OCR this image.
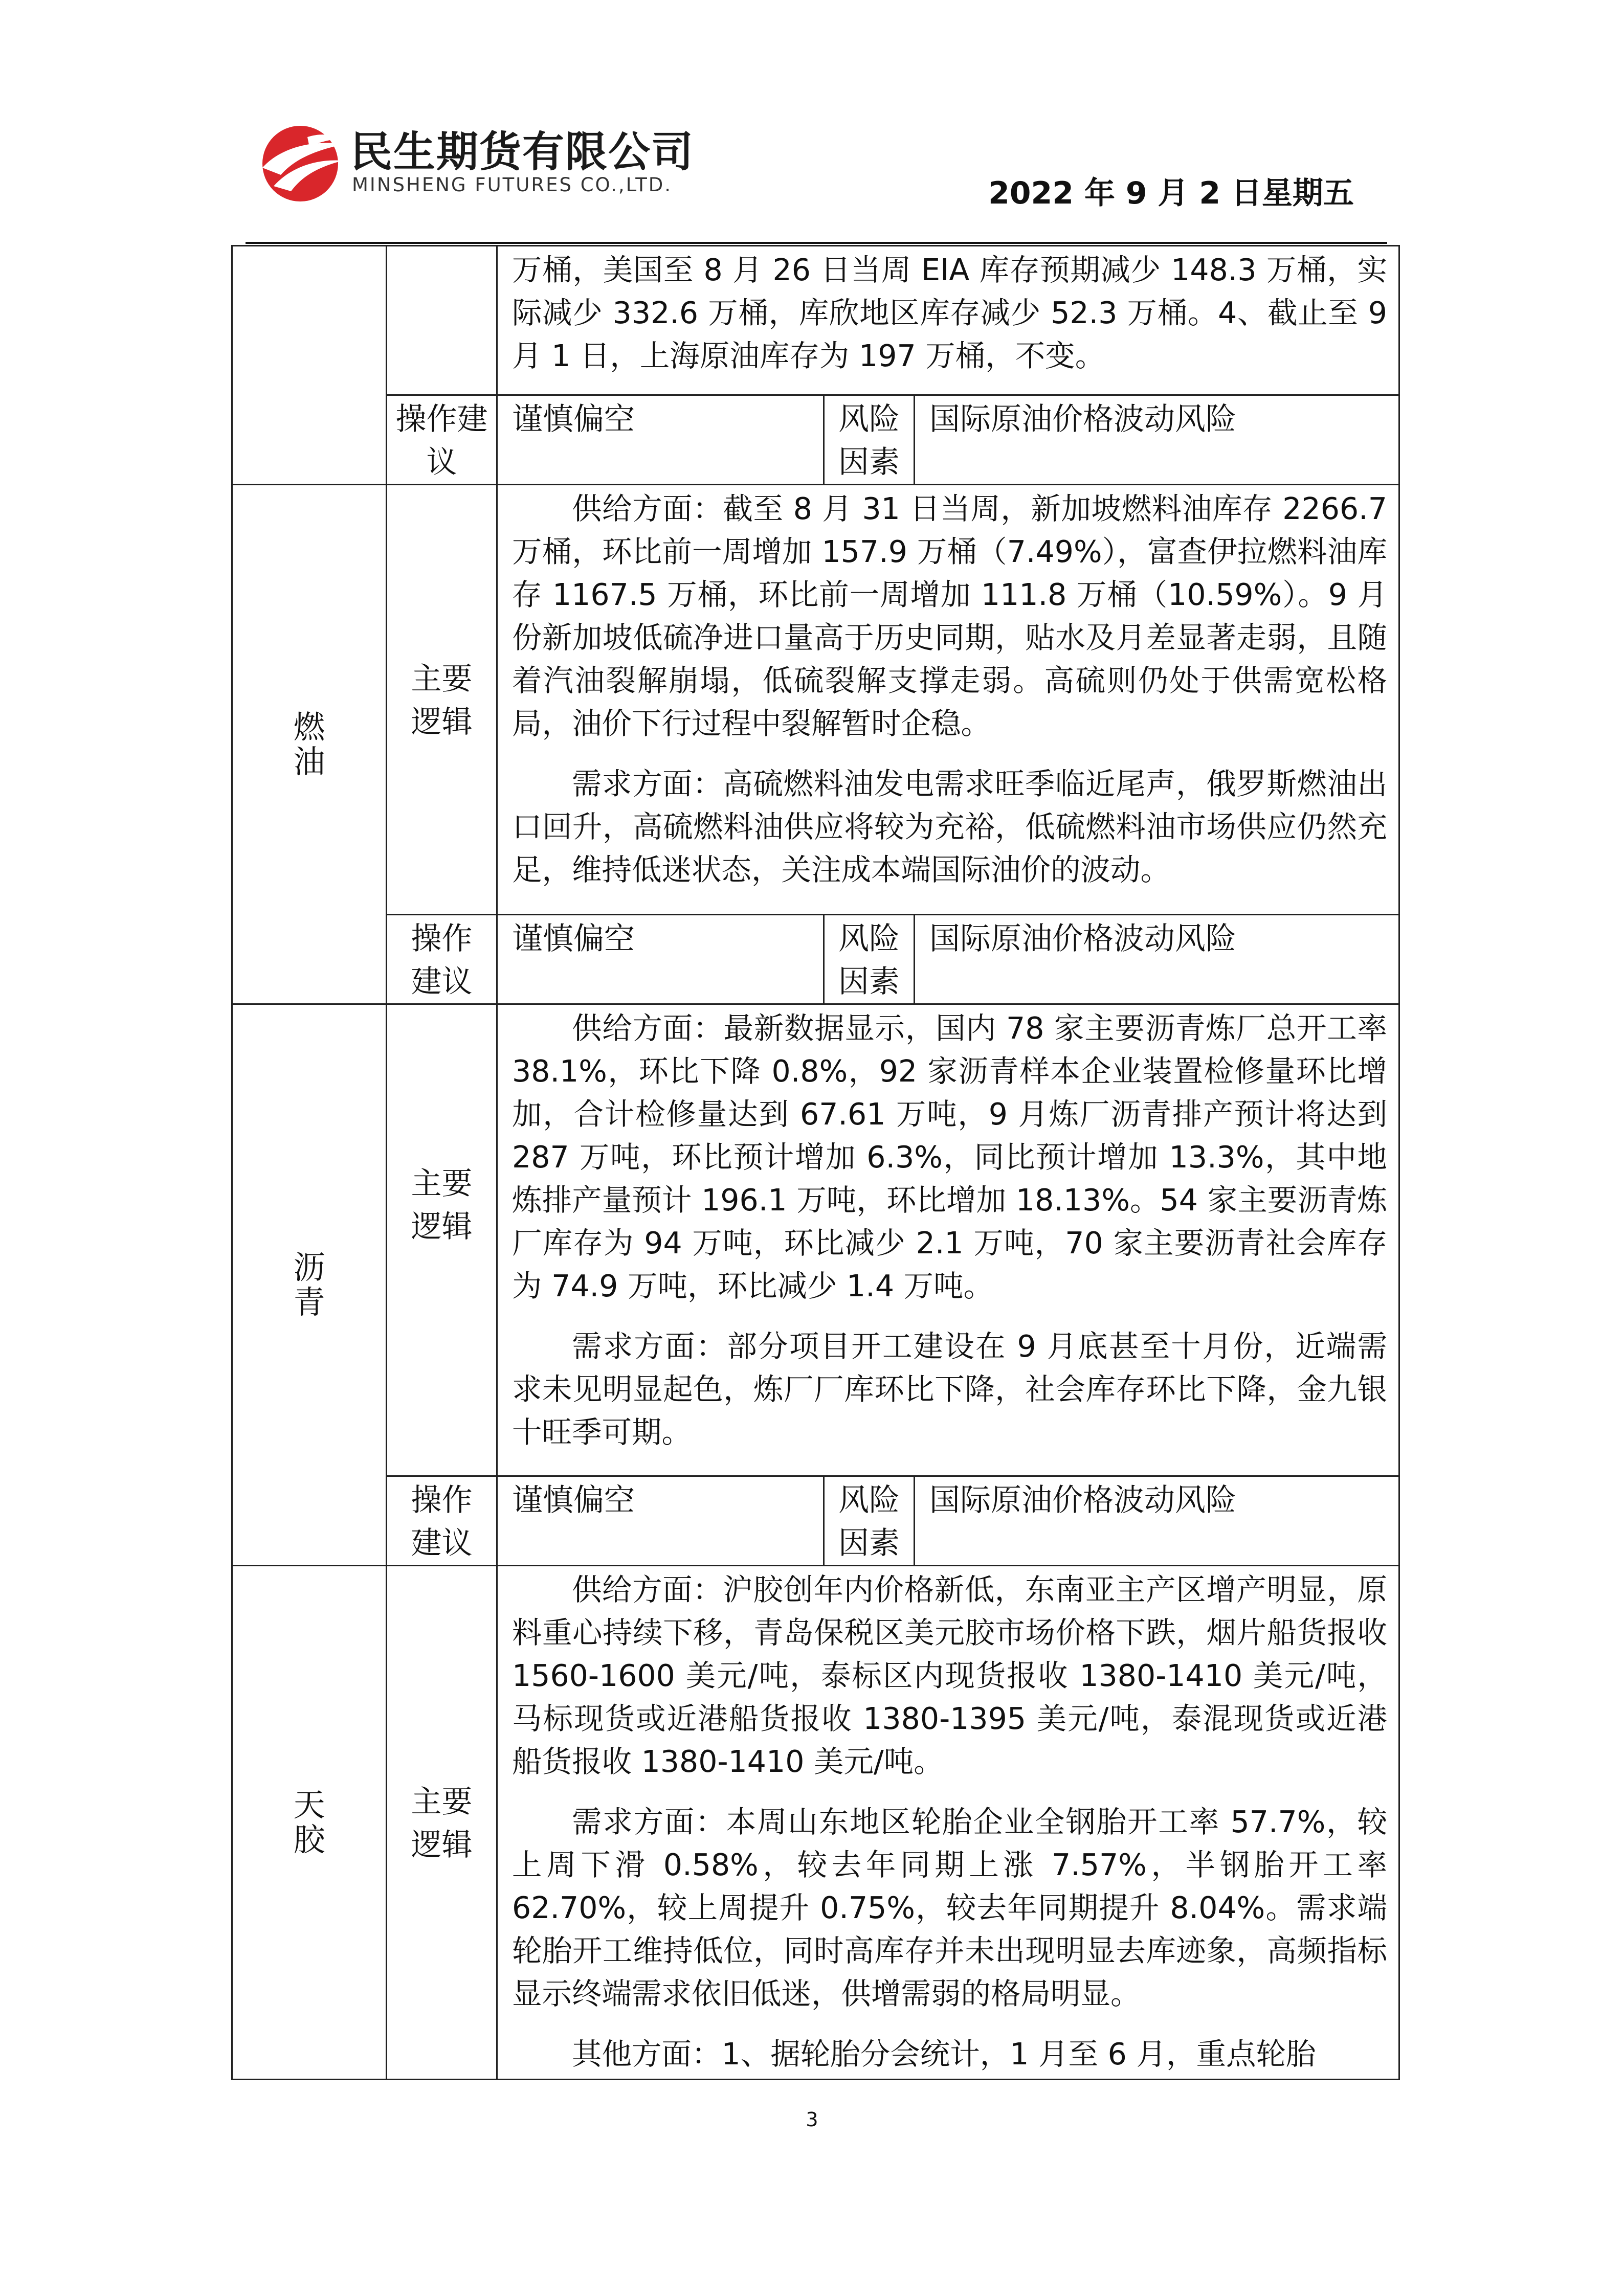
民生期货有限公司
MINSHENG FUTURES CO.,LTD.	2022 年 9 月 2 日星期五

		万桶，美国至 8 月 26 日当周 EIA 库存预期减少 148.3 万桶，实际减少 332.6 万桶，库欣地区库存减少 52.3 万桶。4、截止至 9 月 1 日，上海原油库存为 197 万桶，不变。		

	操作建议	谨慎偏空	风险因素	国际原油价格波动风险

燃油	主要逻辑	供给方面：截至 8 月 31 日当周，新加坡燃料油库存 2266.7 万桶，环比前一周增加 157.9 万桶（7.49%），富查伊拉燃料油库存 1167.5 万桶，环比前一周增加 111.8 万桶（10.59%）。9 月份新加坡低硫净进口量高于历史同期，贴水及月差显著走弱，且随着汽油裂解崩塌，低硫裂解支撑走弱。高硫则仍处于供需宽松格局，油价下行过程中裂解暂时企稳。

需求方面：高硫燃料油发电需求旺季临近尾声，俄罗斯燃油出口回升，高硫燃料油供应将较为充裕，低硫燃料油市场供应仍然充足，维持低迷状态，关注成本端国际油价的波动。		

	操作建议	谨慎偏空	风险因素	国际原油价格波动风险

沥青	主要逻辑	供给方面：最新数据显示，国内 78 家主要沥青炼厂总开工率 38.1%，环比下降 0.8%，92 家沥青样本企业装置检修量环比增加，合计检修量达到 67.61 万吨，9 月炼厂沥青排产预计将达到 287 万吨，环比预计增加 6.3%，同比预计增加 13.3%，其中地炼排产量预计 196.1 万吨，环比增加 18.13%。54 家主要沥青炼厂库存为 94 万吨，环比减少 2.1 万吨，70 家主要沥青社会库存为 74.9 万吨，环比减少 1.4 万吨。

需求方面：部分项目开工建设在 9 月底甚至十月份，近端需求未见明显起色，炼厂厂库环比下降，社会库存环比下降，金九银十旺季可期。		

	操作建议	谨慎偏空	风险因素	国际原油价格波动风险

天胶	主要逻辑	供给方面：沪胶创年内价格新低，东南亚主产区增产明显，原料重心持续下移，青岛保税区美元胶市场价格下跌，烟片船货报收 1560-1600 美元/吨，泰标区内现货报收 1380-1410 美元/吨，马标现货或近港船货报收 1380-1395 美元/吨，泰混现货或近港船货报收 1380-1410 美元/吨。

需求方面：本周山东地区轮胎企业全钢胎开工率 57.7%，较上周下滑 0.58%，较去年同期上涨 7.57%，半钢胎开工率 62.70%，较上周提升 0.75%，较去年同期提升 8.04%。需求端轮胎开工维持低位，同时高库存并未出现明显去库迹象，高频指标显示终端需求依旧低迷，供增需弱的格局明显。

其他方面：1、据轮胎分会统计，1 月至 6 月，重点轮胎		

3
